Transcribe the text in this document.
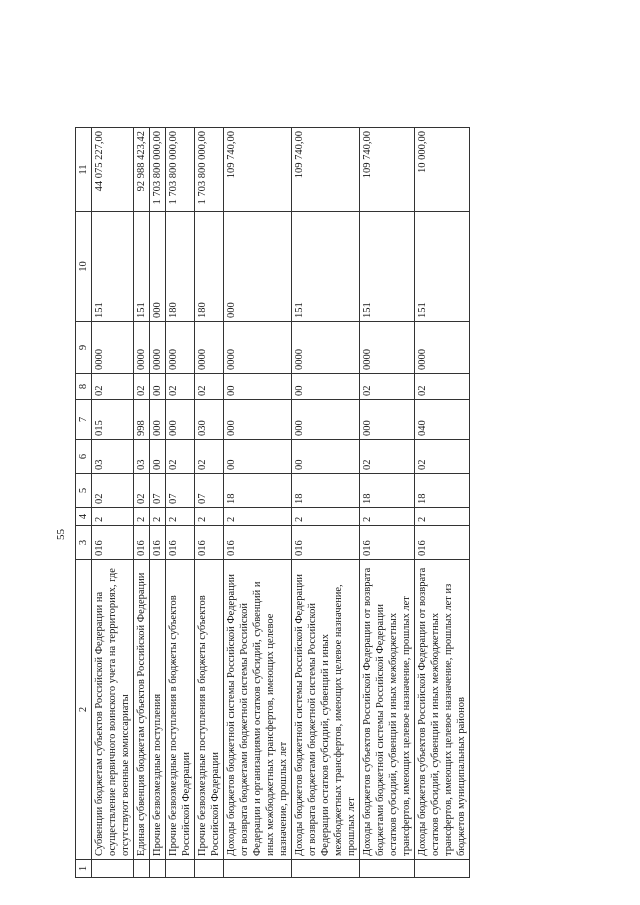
55
1	2	3	4	5	6	7	8	9	10	11
	Субвенции бюджетам субъектов Российской Федерации на осуществление первичного воинского учета на территориях, где отсутствуют военные комиссариаты	016	2	02	03	015	02	0000	151	44 075 227,00
	Единая субвенция бюджетам субъектов Российской Федерации	016	2	02	03	998	02	0000	151	92 988 423,42
	Прочие безвозмездные поступления	016	2	07	00	000	00	0000	000	1 703 800 000,00
	Прочие безвозмездные поступления в бюджеты субъектов Российской Федерации	016	2	07	02	000	02	0000	180	1 703 800 000,00
	Прочие безвозмездные поступления в бюджеты субъектов Российской Федерации	016	2	07	02	030	02	0000	180	1 703 800 000,00
	Доходы бюджетов бюджетной системы Российской Федерации от возврата бюджетами бюджетной системы Российской Федерации и организациями остатков субсидий, субвенций и иных межбюджетных трансфертов, имеющих целевое назначение, прошлых лет	016	2	18	00	000	00	0000	000	109 740,00
	Доходы бюджетов бюджетной системы Российской Федерации от возврата бюджетами бюджетной системы Российской Федерации остатков субсидий, субвенций и иных межбюджетных трансфертов, имеющих целевое назначение, прошлых лет	016	2	18	00	000	00	0000	151	109 740,00
	Доходы бюджетов субъектов Российской Федерации от возврата бюджетами бюджетной системы Российской Федерации остатков субсидий, субвенций и иных межбюджетных трансфертов, имеющих целевое назначение, прошлых лет	016	2	18	02	000	02	0000	151	109 740,00
	Доходы бюджетов субъектов Российской Федерации от возврата остатков субсидий, субвенций и иных межбюджетных трансфертов, имеющих целевое назначение, прошлых лет из бюджетов муниципальных районов	016	2	18	02	040	02	0000	151	10 000,00
